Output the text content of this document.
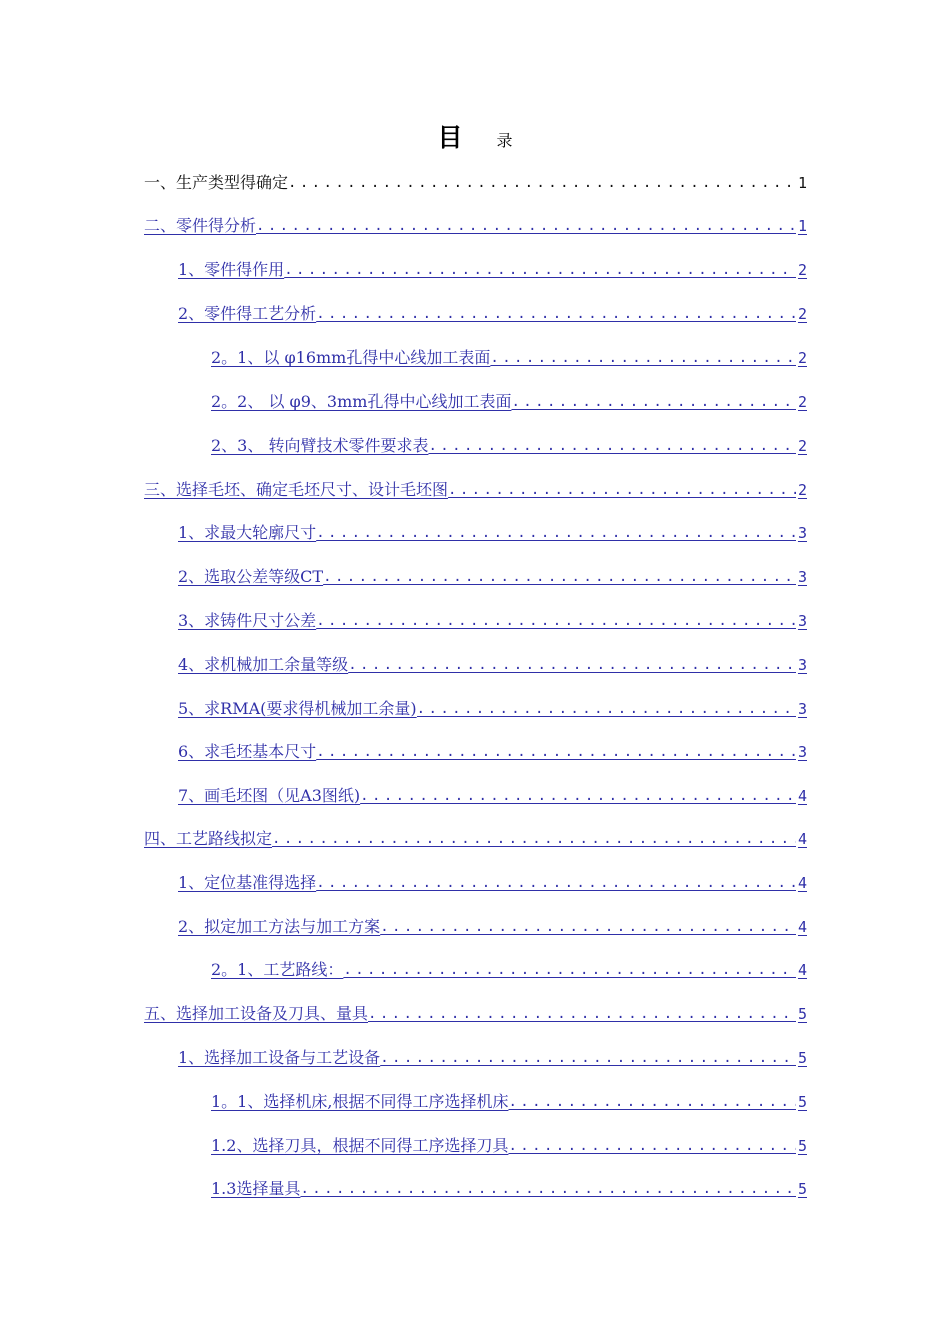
目 录
一、生产类型得确定 .....	1
二、零件得分析 .....	1
1、零件得作用 .....	2
2、零件得工艺分析 .....	2
2。1、以 φ16mm孔得中心线加工表面 .....	2
2。2、 以 φ9、3mm孔得中心线加工表面 .....	2
2、3、 转向臂技术零件要求表 .....	2
三、选择毛坯、确定毛坯尺寸、设计毛坯图 .....	2
1、求最大轮廓尺寸 .....	3
2、选取公差等级CT .....	3
3、求铸件尺寸公差 .....	3
4、求机械加工余量等级 .....	3
5、求RMA(要求得机械加工余量) .....	3
6、求毛坯基本尺寸 .....	3
7、画毛坯图（见A3图纸) .....	4
四、工艺路线拟定 .....	4
1、定位基准得选择 .....	4
2、拟定加工方法与加工方案 .....	4
2。1、工艺路线： .....	4
五、选择加工设备及刀具、量具 .....	5
1、选择加工设备与工艺设备 .....	5
1。1、选择机床,根据不同得工序选择机床 .....	5
1.2、选择刀具，根据不同得工序选择刀具 .....	5
1.3选择量具 .....	5
